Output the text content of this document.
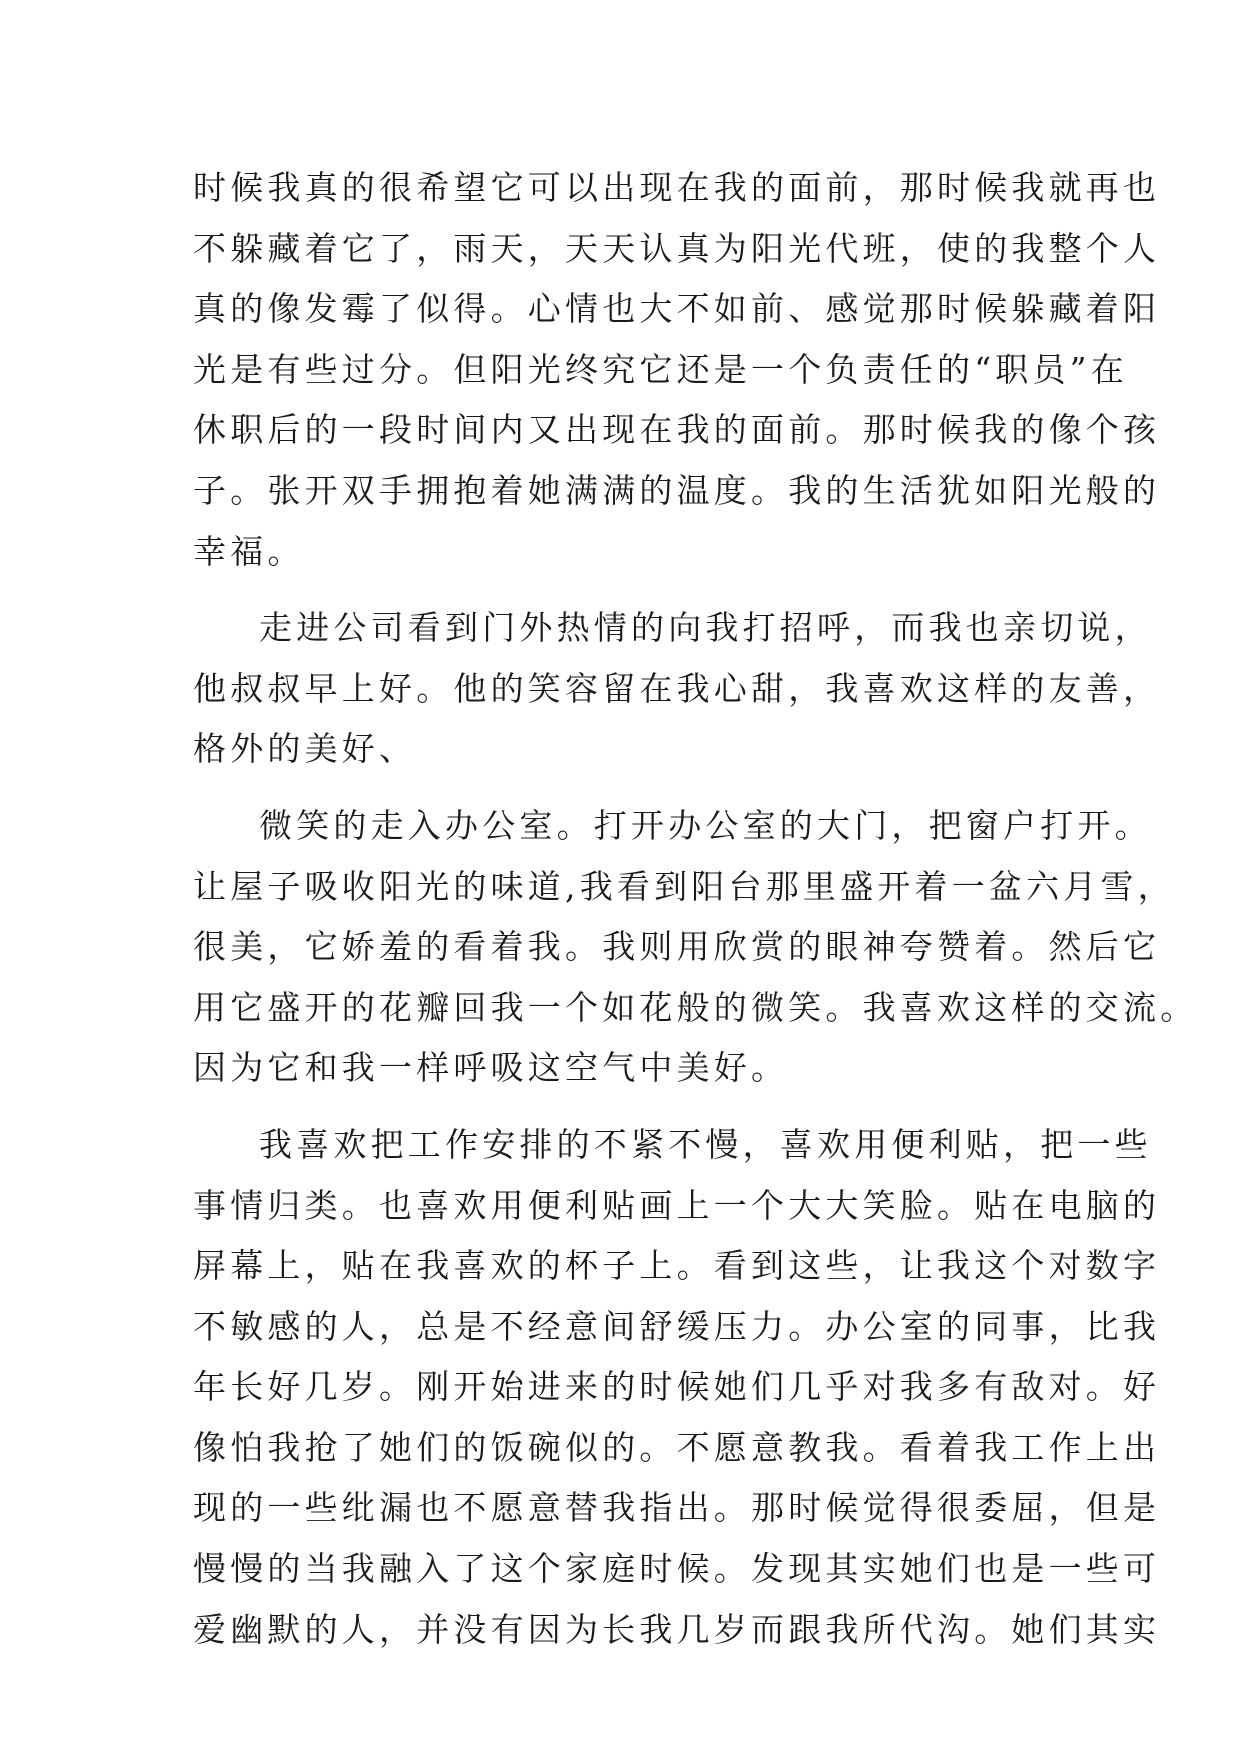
时候我真的很希望它可以出现在我的面前，那时候我就再也
不躲藏着它了，雨天，天天认真为阳光代班，使的我整个人
真的像发霉了似得。心情也大不如前、感觉那时候躲藏着阳
光是有些过分。但阳光终究它还是一个负责任的“职员”在
休职后的一段时间内又出现在我的面前。那时候我的像个孩
子。张开双手拥抱着她满满的温度。我的生活犹如阳光般的
幸福。
走进公司看到门外热情的向我打招呼，而我也亲切说，
他叔叔早上好。他的笑容留在我心甜，我喜欢这样的友善，
格外的美好、
微笑的走入办公室。打开办公室的大门，把窗户打开。
让屋子吸收阳光的味道,我看到阳台那里盛开着一盆六月雪，
很美，它娇羞的看着我。我则用欣赏的眼神夸赞着。然后它
用它盛开的花瓣回我一个如花般的微笑。我喜欢这样的交流。
因为它和我一样呼吸这空气中美好。
我喜欢把工作安排的不紧不慢，喜欢用便利贴，把一些
事情归类。也喜欢用便利贴画上一个大大笑脸。贴在电脑的
屏幕上，贴在我喜欢的杯子上。看到这些，让我这个对数字
不敏感的人，总是不经意间舒缓压力。办公室的同事，比我
年长好几岁。刚开始进来的时候她们几乎对我多有敌对。好
像怕我抢了她们的饭碗似的。不愿意教我。看着我工作上出
现的一些纰漏也不愿意替我指出。那时候觉得很委屈，但是
慢慢的当我融入了这个家庭时候。发现其实她们也是一些可
爱幽默的人，并没有因为长我几岁而跟我所代沟。她们其实
